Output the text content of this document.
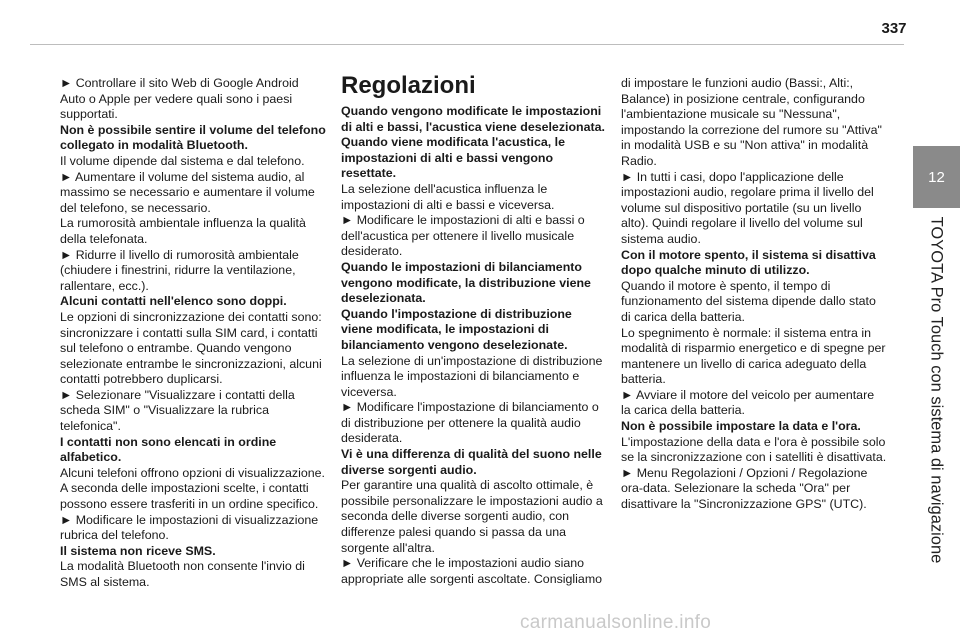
337
12
TOYOTA Pro Touch con sistema di navigazione

► Controllare il sito Web di Google Android Auto o Apple per vedere quali sono i paesi supportati.

Non è possibile sentire il volume del telefono collegato in modalità Bluetooth.

Il volume dipende dal sistema e dal telefono.

► Aumentare il volume del sistema audio, al massimo se necessario e aumentare il volume del telefono, se necessario.

La rumorosità ambientale influenza la qualità della telefonata.

► Ridurre il livello di rumorosità ambientale (chiudere i finestrini, ridurre la ventilazione, rallentare, ecc.).

Alcuni contatti nell'elenco sono doppi.

Le opzioni di sincronizzazione dei contatti sono: sincronizzare i contatti sulla SIM card, i contatti sul telefono o entrambe. Quando vengono selezionate entrambe le sincronizzazioni, alcuni contatti potrebbero duplicarsi.

► Selezionare "Visualizzare i contatti della scheda SIM" o "Visualizzare la rubrica telefonica".

I contatti non sono elencati in ordine alfabetico.

Alcuni telefoni offrono opzioni di visualizzazione. A seconda delle impostazioni scelte, i contatti possono essere trasferiti in un ordine specifico.

► Modificare le impostazioni di visualizzazione rubrica del telefono.

Il sistema non riceve SMS.

La modalità Bluetooth non consente l'invio di SMS al sistema.

Regolazioni

Quando vengono modificate le impostazioni di alti e bassi, l'acustica viene deselezionata. Quando viene modificata l'acustica, le impostazioni di alti e bassi vengono resettate.

La selezione dell'acustica influenza le impostazioni di alti e bassi e viceversa.

► Modificare le impostazioni di alti e bassi o dell'acustica per ottenere il livello musicale desiderato.

Quando le impostazioni di bilanciamento vengono modificate, la distribuzione viene deselezionata.

Quando l'impostazione di distribuzione viene modificata, le impostazioni di bilanciamento vengono deselezionate.

La selezione di un'impostazione di distribuzione influenza le impostazioni di bilanciamento e viceversa.

► Modificare l'impostazione di bilanciamento o di distribuzione per ottenere la qualità audio desiderata.

Vi è una differenza di qualità del suono nelle diverse sorgenti audio.

Per garantire una qualità di ascolto ottimale, è possibile personalizzare le impostazioni audio a seconda delle diverse sorgenti audio, con differenze palesi quando si passa da una sorgente all'altra.

► Verificare che le impostazioni audio siano appropriate alle sorgenti ascoltate. Consigliamo

di impostare le funzioni audio (Bassi:, Alti:, Balance) in posizione centrale, configurando l'ambientazione musicale su "Nessuna", impostando la correzione del rumore su "Attiva" in modalità USB e su "Non attiva" in modalità Radio.

► In tutti i casi, dopo l'applicazione delle impostazioni audio, regolare prima il livello del volume sul dispositivo portatile (su un livello alto). Quindi regolare il livello del volume sul sistema audio.

Con il motore spento, il sistema si disattiva dopo qualche minuto di utilizzo.

Quando il motore è spento, il tempo di funzionamento del sistema dipende dallo stato di carica della batteria.

Lo spegnimento è normale: il sistema entra in modalità di risparmio energetico e di spegne per mantenere un livello di carica adeguato della batteria.

► Avviare il motore del veicolo per aumentare la carica della batteria.

Non è possibile impostare la data e l'ora.

L'impostazione della data e l'ora è possibile solo se la sincronizzazione con i satelliti è disattivata.

► Menu Regolazioni / Opzioni / Regolazione ora-data. Selezionare la scheda "Ora" per disattivare la "Sincronizzazione GPS" (UTC).

carmanualsonline.info
